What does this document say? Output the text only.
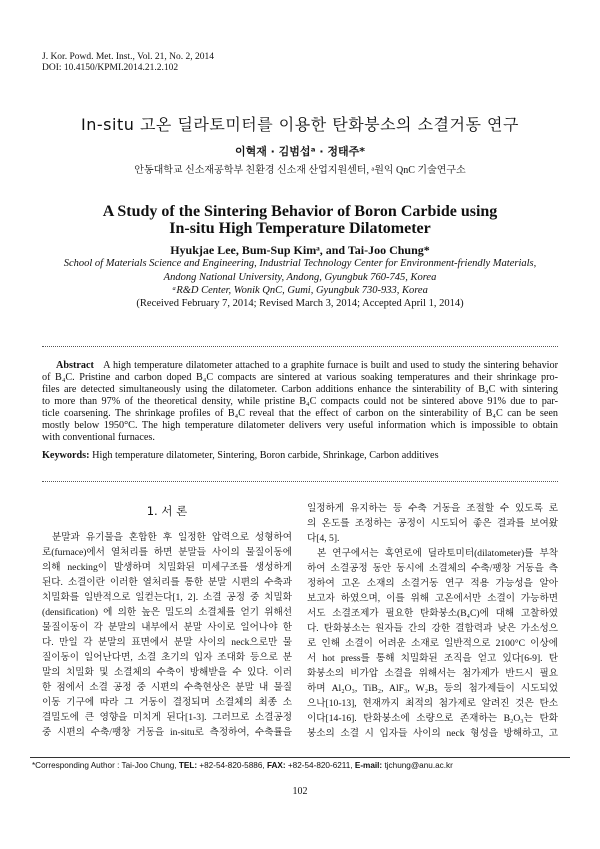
J. Kor. Powd. Met. Inst., Vol. 21, No. 2, 2014
DOI: 10.4150/KPMI.2014.21.2.102
In-situ 고온 딜라토미터를 이용한 탄화붕소의 소결거동 연구
이혁재 · 김범섭ᵃ · 정태주*
안동대학교 신소재공학부 친환경 신소재 산업지원센터, ᵃ원익 QnC 기술연구소
A Study of the Sintering Behavior of Boron Carbide using
In-situ High Temperature Dilatometer
Hyukjae Lee, Bum-Sup Kimᵃ, and Tai-Joo Chung*
School of Materials Science and Engineering, Industrial Technology Center for Environment-friendly Materials,
Andong National University, Andong, Gyungbuk 760-745, Korea
ᵃR&D Center, Wonik QnC, Gumi, Gyungbuk 730-933, Korea
(Received February 7, 2014; Revised March 3, 2014; Accepted April 1, 2014)
Abstract A high temperature dilatometer attached to a graphite furnace is built and used to study the sintering behavior
of B₄C. Pristine and carbon doped B₄C compacts are sintered at various soaking temperatures and their shrinkage pro-
files are detected simultaneously using the dilatometer. Carbon additions enhance the sinterability of B₄C with sintering
to more than 97% of the theoretical density, while pristine B₄C compacts could not be sintered above 91% due to par-
ticle coarsening. The shrinkage profiles of B₄C reveal that the effect of carbon on the sinterability of B₄C can be seen
mostly below 1950°C. The high temperature dilatometer delivers very useful information which is impossible to obtain
with conventional furnaces.
Keywords: High temperature dilatometer, Sintering, Boron carbide, Shrinkage, Carbon additives
1. 서 론
분말과 유기물을 혼합한 후 일정한 압력으로 성형하여
로(furnace)에서 열처리를 하면 분말들 사이의 물질이동에
의해 necking이 발생하며 치밀화된 미세구조를 생성하게
된다. 소결이란 이러한 열처리를 통한 분말 시편의 수축과
치밀화를 일반적으로 일컫는다[1, 2]. 소결 공정 중 치밀화
(densification) 에 의한 높은 밀도의 소결체를 얻기 위해선
물질이동이 각 분말의 내부에서 분말 사이로 일어나야 한
다. 만일 각 분말의 표면에서 분말 사이의 neck으로만 물
질이동이 일어난다면, 소결 초기의 입자 조대화 등으로 분
말의 치밀화 및 소결체의 수축이 방해받을 수 있다. 이러
한 점에서 소결 공정 중 시편의 수축현상은 분말 내 물질
이동 기구에 따라 그 거동이 결정되며 소결체의 최종 소
결밀도에 큰 영향을 미치게 된다[1-3]. 그러므로 소결공정
중 시편의 수축/팽창 거동을 in-situ로 측정하여, 수축률을
일정하게 유지하는 등 수축 거동을 조절할 수 있도록 로
의 온도를 조정하는 공정이 시도되어 좋은 결과를 보여왔
다[4, 5].
본 연구에서는 흑연로에 딜라토미터(dilatometer)를 부착
하여 소결공정 동안 동시에 소결체의 수축/팽창 거동을 측
정하여 고온 소재의 소결거동 연구 적용 가능성을 알아
보고자 하였으며, 이를 위해 고온에서만 소결이 가능하면
서도 소결조제가 필요한 탄화붕소(B₄C)에 대해 고찰하였
다. 탄화붕소는 원자들 간의 강한 결합력과 낮은 가소성으
로 인해 소결이 어려운 소재로 일반적으로 2100°C 이상에
서 hot press를 통해 치밀화된 조직을 얻고 있다[6-9]. 탄
화붕소의 비가압 소결을 위해서는 첨가제가 반드시 필요
하며 Al₂O₃, TiB₂, AlF₃, W₂B₅ 등의 첨가제들이 시도되었
으나[10-13], 현재까지 최적의 첨가제로 알려진 것은 탄소
이다[14-16]. 탄화붕소에 소량으로 존재하는 B₂O₃는 탄화
붕소의 소결 시 입자들 사이의 neck 형성을 방해하고, 고
*Corresponding Author : Tai-Joo Chung, TEL: +82-54-820-5886, FAX: +82-54-820-6211, E-mail: tjchung@anu.ac.kr
102
